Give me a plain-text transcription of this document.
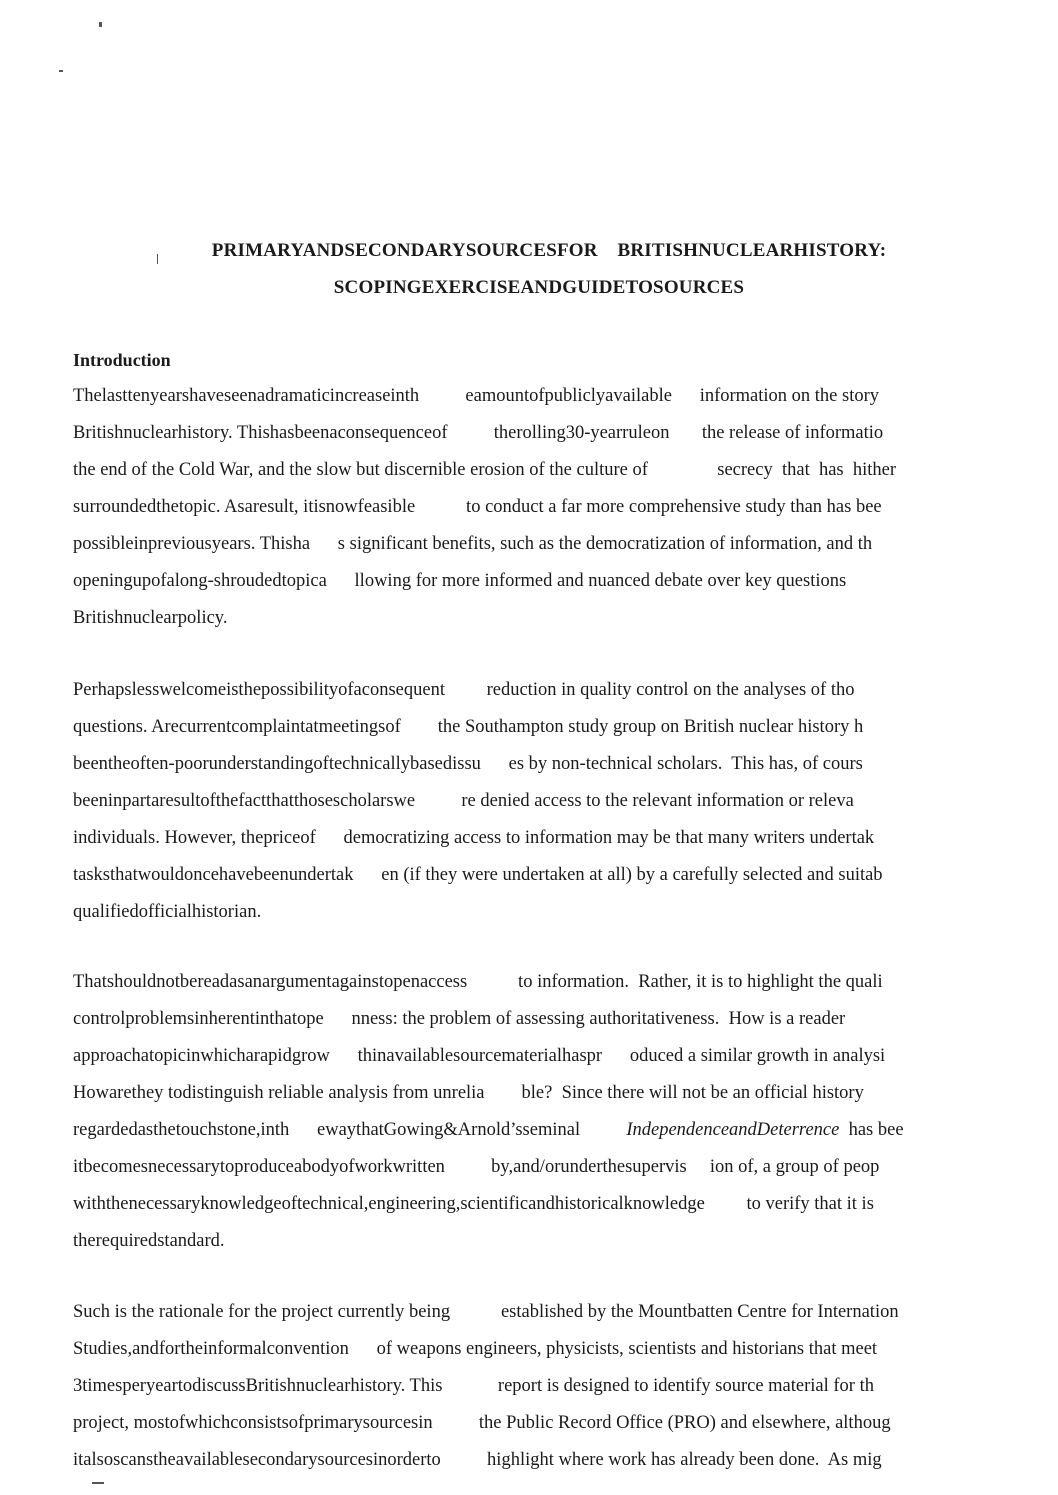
PRIMARYANDSECONDARYSOURCESFOR    BRITISHNUCLEARHISTORY:
SCOPINGEXERCISEANDGUIDETOSOURCES
Introduction
Thelasttenyearshaveseenadramaticincreaseinth          eamountofpubliclyavailable      information on the story
Britishnuclearhistory. Thishasbeenaconsequenceof          therolling30-yearruleon       the release of informatio
the end of the Cold War, and the slow but discernible erosion of the culture of               secrecy  that  has  hither
surroundedthetopic. Asaresult, itisnowfeasible           to conduct a far more comprehensive study than has bee
possibleinpreviousyears. Thisha      s significant benefits, such as the democratization of information, and th
openingupofalong-shroudedtopica      llowing for more informed and nuanced debate over key questions
Britishnuclearpolicy.
Perhapslesswelcomeisthepossibilityofaconsequent         reduction in quality control on the analyses of tho
questions. Arecurrentcomplaintatmeetingsof        the Southampton study group on British nuclear history h
beentheoften-poorunderstandingoftechnicallybasedissu      es by non-technical scholars.  This has, of cours
beeninpartaresultofthefactthatthosescholarswe          re denied access to the relevant information or releva
individuals. However, thepriceof      democratizing access to information may be that many writers undertak
tasksthatwouldoncehavebeenundertak      en (if they were undertaken at all) by a carefully selected and suitab
qualifiedofficialhistorian.
Thatshouldnotbereadasanargumentagainstopenaccess           to information.  Rather, it is to highlight the quali
controlproblemsinherentinthatope      nness: the problem of assessing authoritativeness.  How is a reader
approachatopicinwhicharapidgrow      thinavailablesourcematerialhaspr      oduced a similar growth in analysi
Howarethey todistinguish reliable analysis from unrelia        ble?  Since there will not be an official history
regardedasthetouchstone,inth      ewaythatGowing&Arnold’sseminal          IndependenceandDeterrence  has bee
itbecomesnecessarytoproduceabodyofworkwritten          by,and/orunderthesupervis     ion of, a group of peop
withthenecessaryknowledgeoftechnical,engineering,scientificandhistoricalknowledge         to verify that it is
therequiredstandard.
Such is the rationale for the project currently being           established by the Mountbatten Centre for Internation
Studies,andfortheinformalconvention      of weapons engineers, physicists, scientists and historians that meet
3timesperyeartodiscussBritishnuclearhistory. This            report is designed to identify source material for th
project, mostofwhichconsistsofprimarysourcesin          the Public Record Office (PRO) and elsewhere, althoug
italsoscanstheavailablesecondarysourcesinorderto          highlight where work has already been done.  As mig
